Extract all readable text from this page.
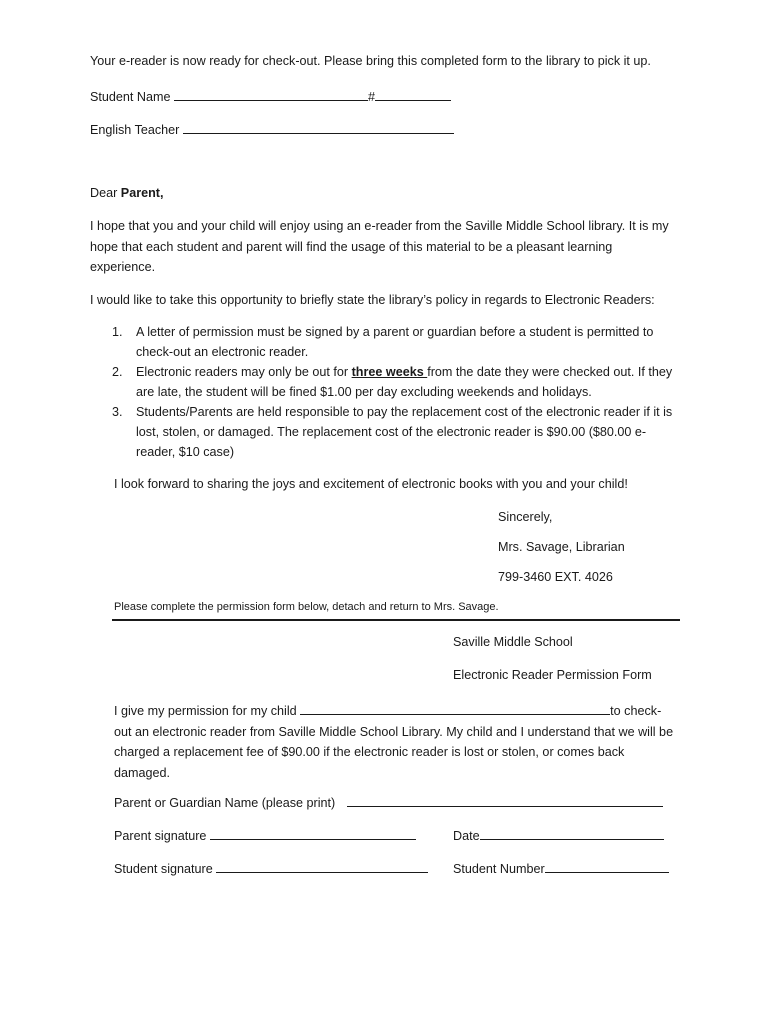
Your e-reader is now ready for check-out. Please bring this completed form to the library to pick it up.
Student Name	#
English Teacher
Dear Parent,
I hope that you and your child will enjoy using an e-reader from the Saville Middle School library. It is my hope that each student and parent will find the usage of this material to be a pleasant learning experience.
I would like to take this opportunity to briefly state the library’s policy in regards to Electronic Readers:
1. A letter of permission must be signed by a parent or guardian before a student is permitted to check-out an electronic reader.
2. Electronic readers may only be out for three weeks from the date they were checked out. If they are late, the student will be fined $1.00 per day excluding weekends and holidays.
3. Students/Parents are held responsible to pay the replacement cost of the electronic reader if it is lost, stolen, or damaged. The replacement cost of the electronic reader is $90.00 ($80.00 e-reader, $10 case)
I look forward to sharing the joys and excitement of electronic books with you and your child!
Sincerely,
Mrs. Savage, Librarian
799-3460 EXT. 4026
Please complete the permission form below, detach and return to Mrs. Savage.
Saville Middle School
Electronic Reader Permission Form
I give my permission for my child	to check- out an electronic reader from Saville Middle School Library. My child and I understand that we will be charged a replacement fee of $90.00 if the electronic reader is lost or stolen, or comes back damaged.
Parent or Guardian Name (please print)
Parent signature	Date
Student signature	Student Number
